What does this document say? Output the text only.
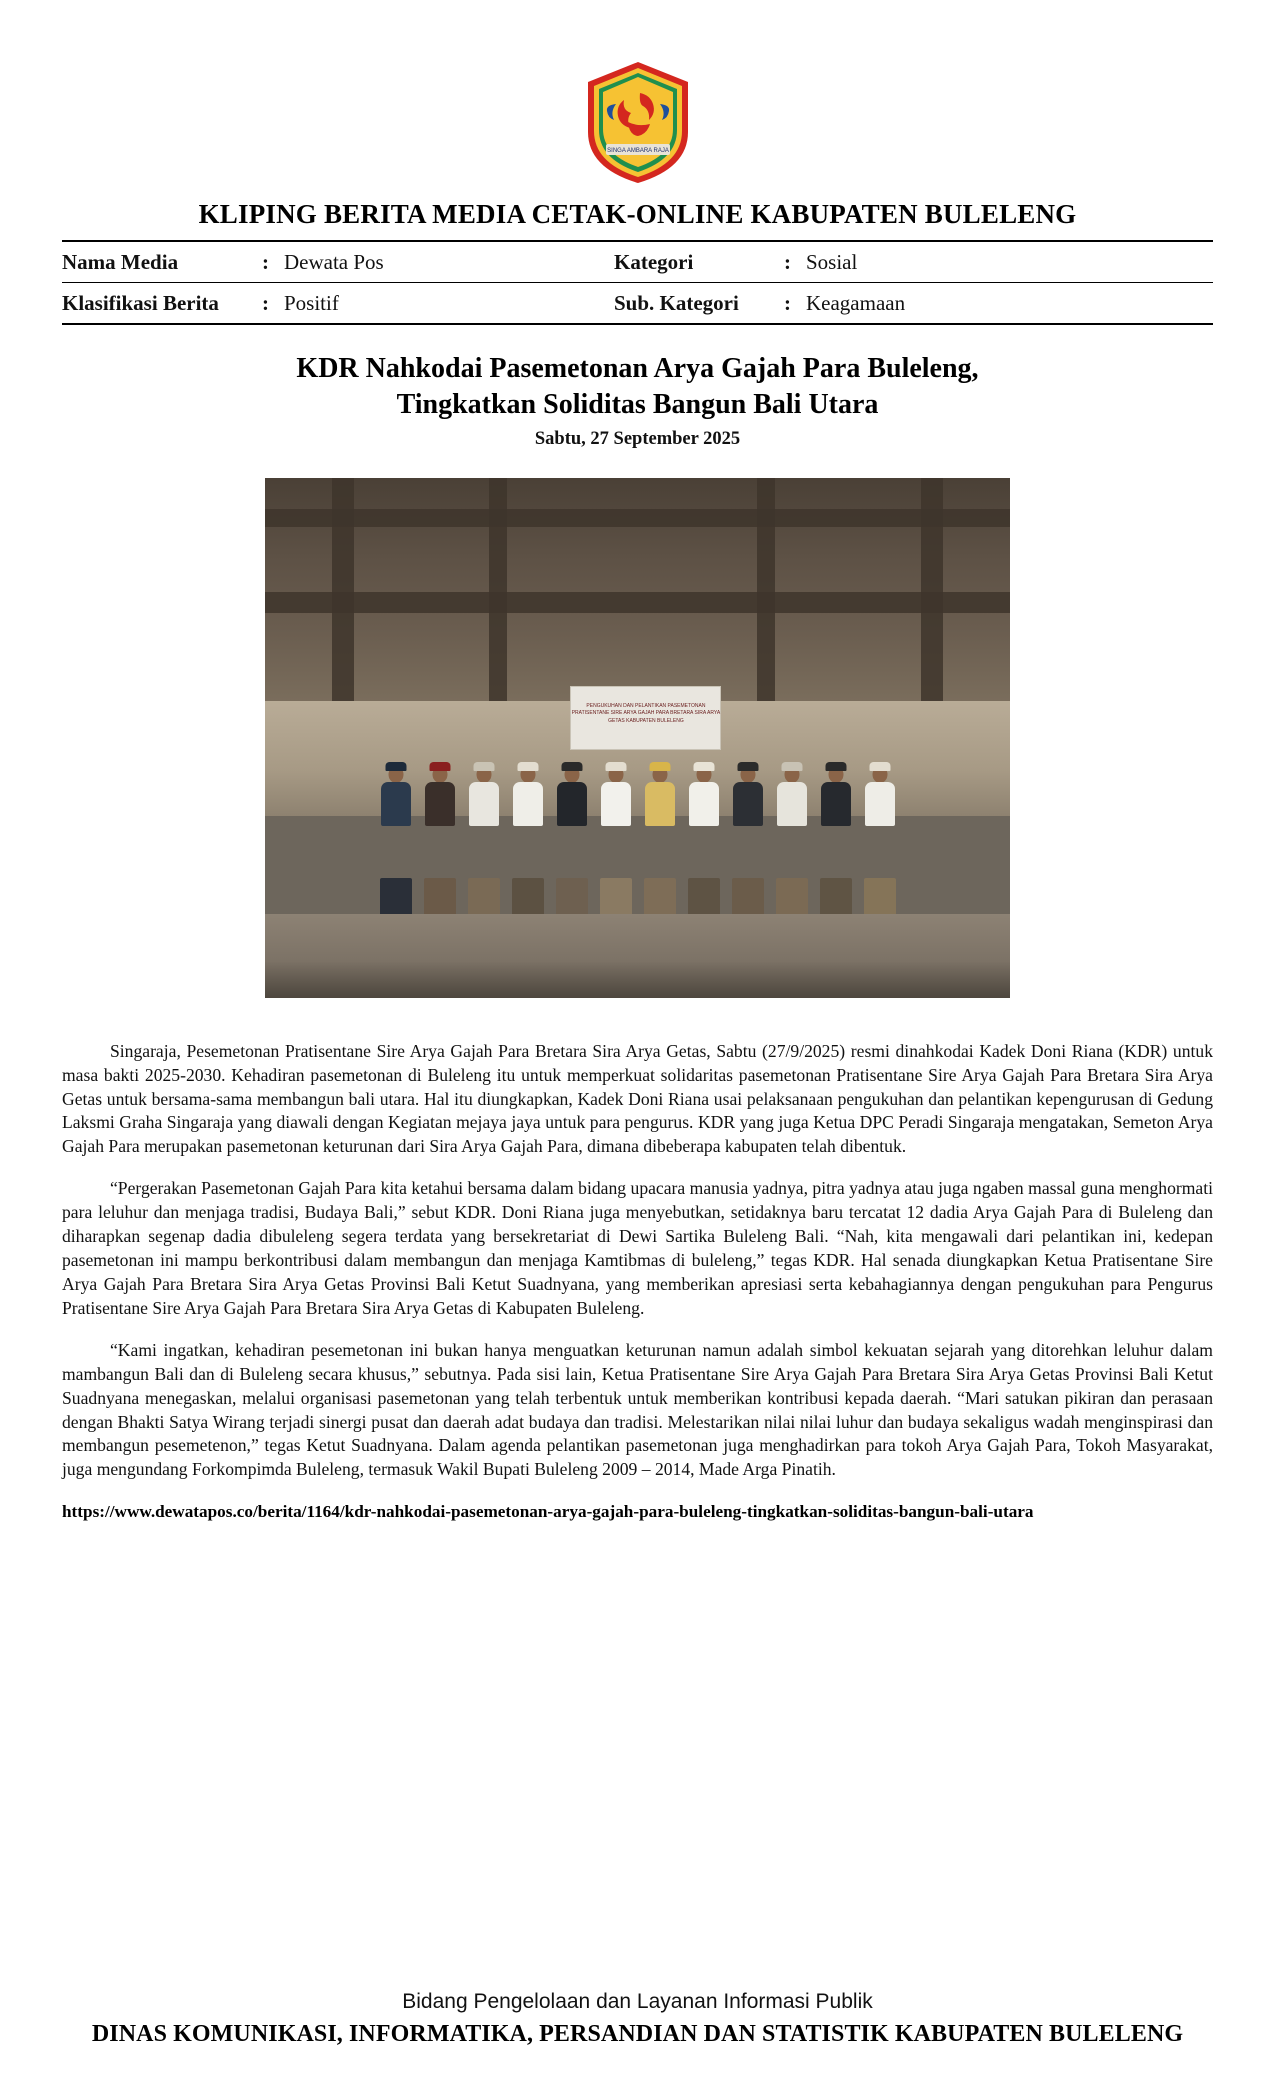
SINGA AMBARA RAJA
KLIPING BERITA MEDIA CETAK-ONLINE KABUPATEN BULELENG
Nama Media	:	Dewata Pos	Kategori	:	Sosial
Klasifikasi Berita	:	Positif	Sub. Kategori	:	Keagamaan
KDR Nahkodai Pasemetonan Arya Gajah Para Buleleng,
Tingkatkan Soliditas Bangun Bali Utara
Sabtu, 27 September 2025
PENGUKUHAN DAN PELANTIKAN PASEMETONAN PRATISENTANE SIRE ARYA GAJAH PARA BRETARA SIRA ARYA GETAS KABUPATEN BULELENG

Singaraja, Pesemetonan Pratisentane Sire Arya Gajah Para Bretara Sira Arya Getas, Sabtu (27/9/2025) resmi dinahkodai Kadek Doni Riana (KDR) untuk masa bakti 2025-2030. Kehadiran pasemetonan di Buleleng itu untuk memperkuat solidaritas pasemetonan Pratisentane Sire Arya Gajah Para Bretara Sira Arya Getas untuk bersama-sama membangun bali utara. Hal itu diungkapkan, Kadek Doni Riana usai pelaksanaan pengukuhan dan pelantikan kepengurusan di Gedung Laksmi Graha Singaraja yang diawali dengan Kegiatan mejaya jaya untuk para pengurus. KDR yang juga Ketua DPC Peradi Singaraja mengatakan, Semeton Arya Gajah Para merupakan pasemetonan keturunan dari Sira Arya Gajah Para, dimana dibeberapa kabupaten telah dibentuk.

“Pergerakan Pasemetonan Gajah Para kita ketahui bersama dalam bidang upacara manusia yadnya, pitra yadnya atau juga ngaben massal guna menghormati para leluhur dan menjaga tradisi, Budaya Bali,” sebut KDR. Doni Riana juga menyebutkan, setidaknya baru tercatat 12 dadia Arya Gajah Para di Buleleng dan diharapkan segenap dadia dibuleleng segera terdata yang bersekretariat di Dewi Sartika Buleleng Bali. “Nah, kita mengawali dari pelantikan ini, kedepan pasemetonan ini mampu berkontribusi dalam membangun dan menjaga Kamtibmas di buleleng,” tegas KDR. Hal senada diungkapkan Ketua Pratisentane Sire Arya Gajah Para Bretara Sira Arya Getas Provinsi Bali Ketut Suadnyana, yang memberikan apresiasi serta kebahagiannya dengan pengukuhan para Pengurus Pratisentane Sire Arya Gajah Para Bretara Sira Arya Getas di Kabupaten Buleleng.

“Kami ingatkan, kehadiran pesemetonan ini bukan hanya menguatkan keturunan namun adalah simbol kekuatan sejarah yang ditorehkan leluhur dalam mambangun Bali dan di Buleleng secara khusus,” sebutnya. Pada sisi lain, Ketua Pratisentane Sire Arya Gajah Para Bretara Sira Arya Getas Provinsi Bali Ketut Suadnyana menegaskan, melalui organisasi pasemetonan yang telah terbentuk untuk memberikan kontribusi kepada daerah. “Mari satukan pikiran dan perasaan dengan Bhakti Satya Wirang terjadi sinergi pusat dan daerah adat budaya dan tradisi. Melestarikan nilai nilai luhur dan budaya sekaligus wadah menginspirasi dan membangun pesemetenon,” tegas Ketut Suadnyana. Dalam agenda pelantikan pasemetonan juga menghadirkan para tokoh Arya Gajah Para, Tokoh Masyarakat, juga mengundang Forkompimda Buleleng, termasuk Wakil Bupati Buleleng 2009 – 2014, Made Arga Pinatih.

https://www.dewatapos.co/berita/1164/kdr-nahkodai-pasemetonan-arya-gajah-para-buleleng-tingkatkan-soliditas-bangun-bali-utara
Bidang Pengelolaan dan Layanan Informasi Publik
DINAS KOMUNIKASI, INFORMATIKA, PERSANDIAN DAN STATISTIK KABUPATEN BULELENG
